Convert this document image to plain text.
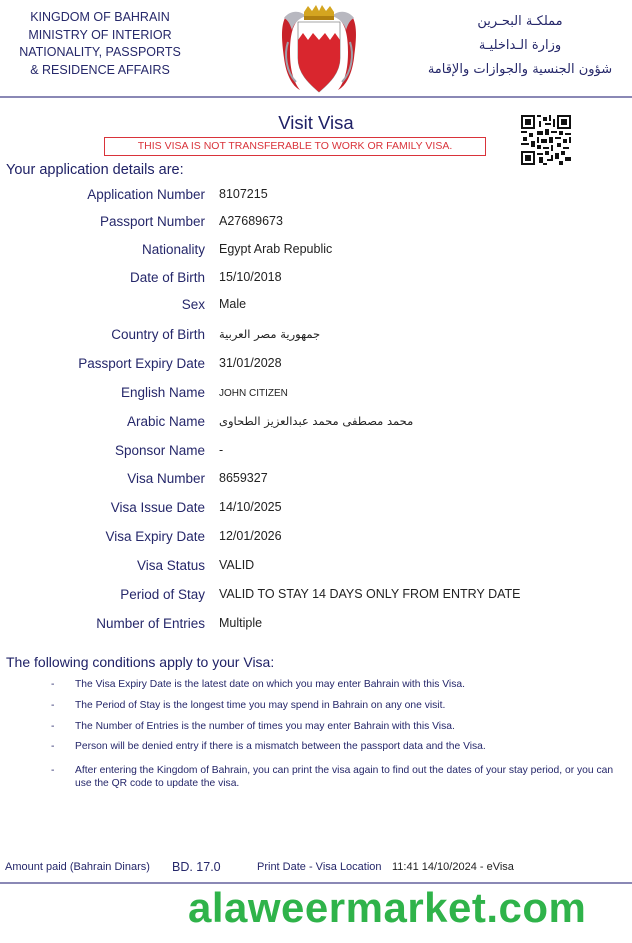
KINGDOM OF BAHRAIN
MINISTRY OF INTERIOR
NATIONALITY, PASSPORTS
& RESIDENCE AFFAIRS
مملكـة البحـرين
وزارة الـداخليـة
شؤون الجنسية والجوازات والإقامة
Visit Visa
THIS VISA IS NOT TRANSFERABLE TO WORK OR FAMILY VISA.
Your application details are:
Application Number 8107215
Passport Number A27689673
Nationality Egypt Arab Republic
Date of Birth 15/10/2018
Sex Male
Country of Birth جمهورية مصر العربية
Passport Expiry Date 31/01/2028
English Name JOHN CITIZEN
Arabic Name محمد مصطفى محمد عبدالعزيز الطحاوى
Sponsor Name -
Visa Number 8659327
Visa Issue Date 14/10/2025
Visa Expiry Date 12/01/2026
Visa Status VALID
Period of Stay VALID TO STAY 14 DAYS ONLY FROM ENTRY DATE
Number of Entries Multiple
The following conditions apply to your Visa:
- The Visa Expiry Date is the latest date on which you may enter Bahrain with this Visa.
- The Period of Stay is the longest time you may spend in Bahrain on any one visit.
- The Number of Entries is the number of times you may enter Bahrain with this Visa.
- Person will be denied entry if there is a mismatch between the passport data and the Visa.
- After entering the Kingdom of Bahrain, you can print the visa again to find out the dates of your stay period, or you can use the QR code to update the visa.
Amount paid (Bahrain Dinars) BD. 17.0	Print Date - Visa Location 11:41 14/10/2024 - eVisa
alaweermarket.com
